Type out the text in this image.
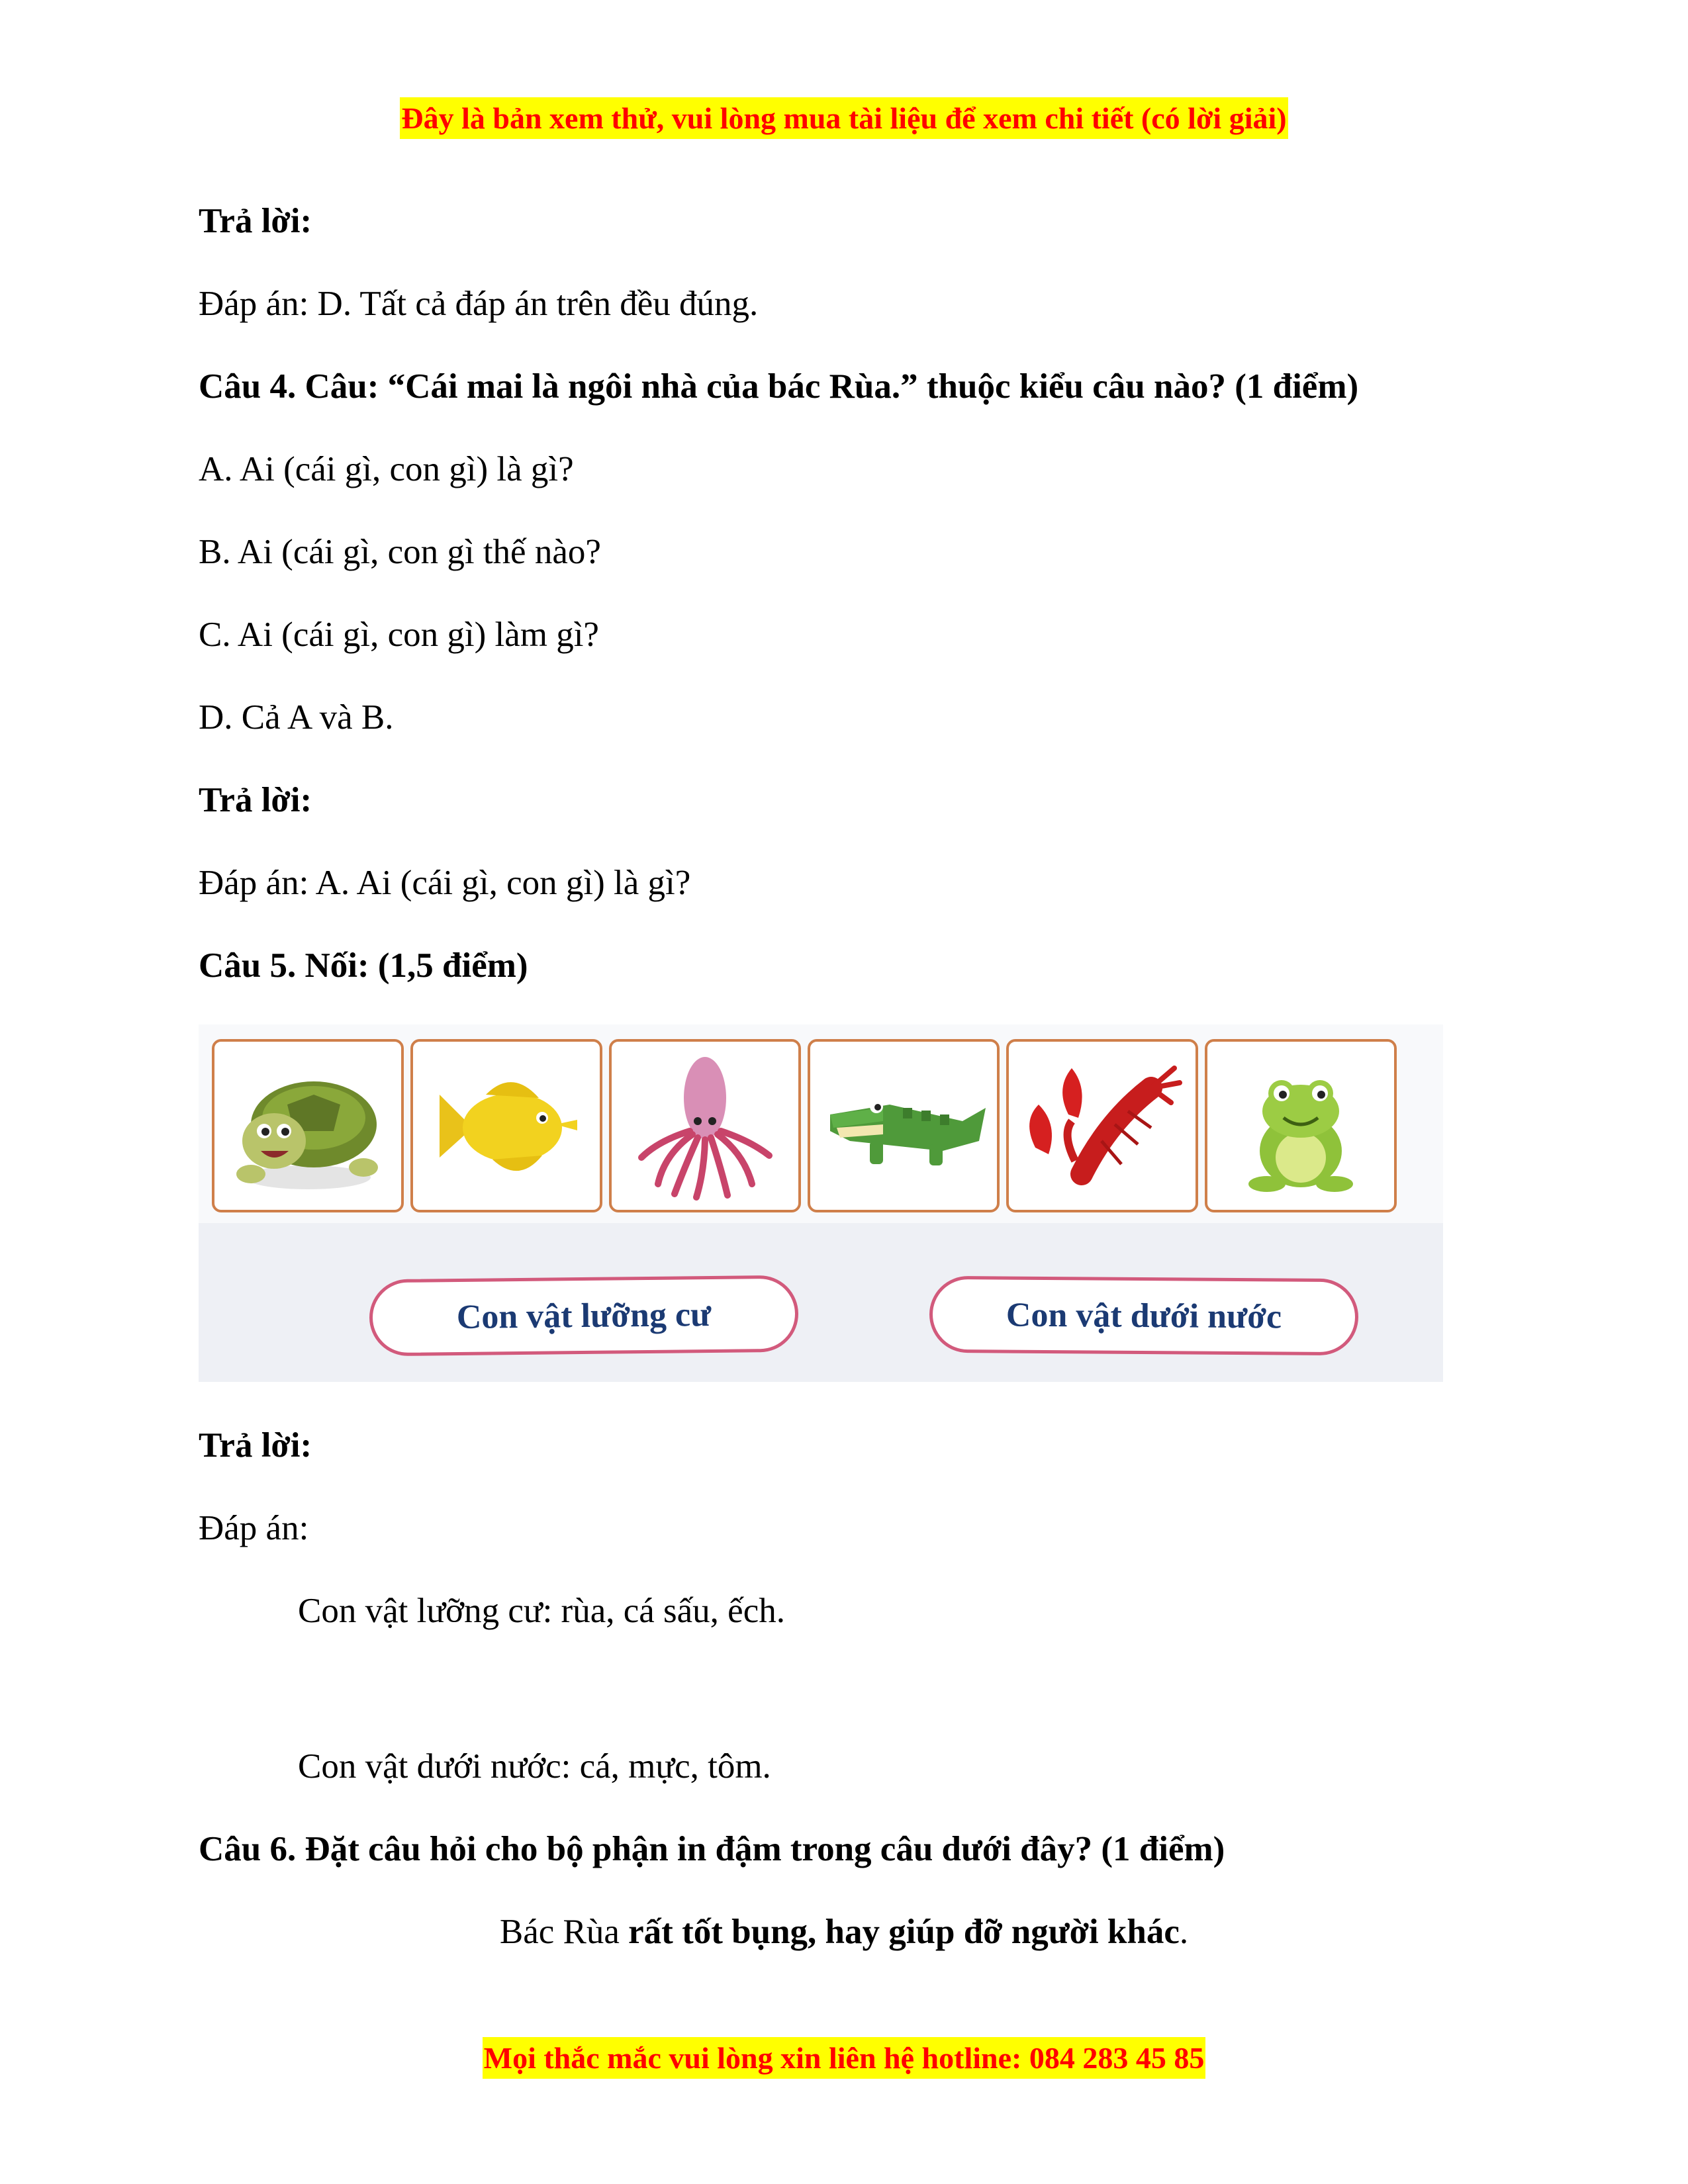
Đây là bản xem thử, vui lòng mua tài liệu để xem chi tiết (có lời giải)
Trả lời:
Đáp án: D. Tất cả đáp án trên đều đúng.
Câu 4. Câu: “Cái mai là ngôi nhà của bác Rùa.” thuộc kiểu câu nào? (1 điểm)
A. Ai (cái gì, con gì) là gì?
B. Ai (cái gì, con gì thế nào?
C. Ai (cái gì, con gì) làm gì?
D. Cả A và B.
Trả lời:
Đáp án: A. Ai (cái gì, con gì) là gì?
Câu 5. Nối: (1,5 điểm)
Con vật lưỡng cư	Con vật dưới nước
Trả lời:
Đáp án:
Con vật lưỡng cư: rùa, cá sấu, ếch.
Con vật dưới nước: cá, mực, tôm.
Câu 6. Đặt câu hỏi cho bộ phận in đậm trong câu dưới đây? (1 điểm)
Bác Rùa rất tốt bụng, hay giúp đỡ người khác.
Mọi thắc mắc vui lòng xin liên hệ hotline: 084 283 45 85
